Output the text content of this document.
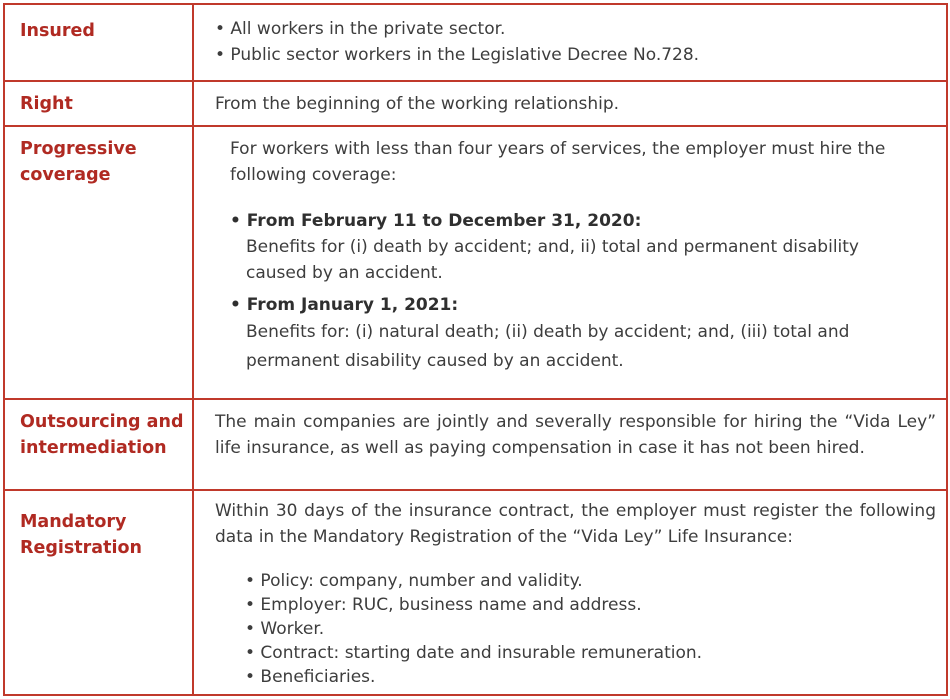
Insured	• All workers in the private sector.
• Public sector workers in the Legislative Decree No.728.
Right	From the beginning of the working relationship.
Progressive coverage
For workers with less than four years of services, the employer must hire the following coverage:
• From February 11 to December 31, 2020:
Benefits for (i) death by accident; and, ii) total and permanent disability caused by an accident.
• From January 1, 2021:
Benefits for: (i) natural death; (ii) death by accident; and, (iii) total and permanent disability caused by an accident.
Outsourcing and intermediation
The main companies are jointly and severally responsible for hiring the “Vida Ley” life insurance, as well as paying compensation in case it has not been hired.
Mandatory Registration
Within 30 days of the insurance contract, the employer must register the following data in the Mandatory Registration of the “Vida Ley” Life Insurance:
• Policy: company, number and validity.
• Employer: RUC, business name and address.
• Worker.
• Contract: starting date and insurable remuneration.
• Beneficiaries.
